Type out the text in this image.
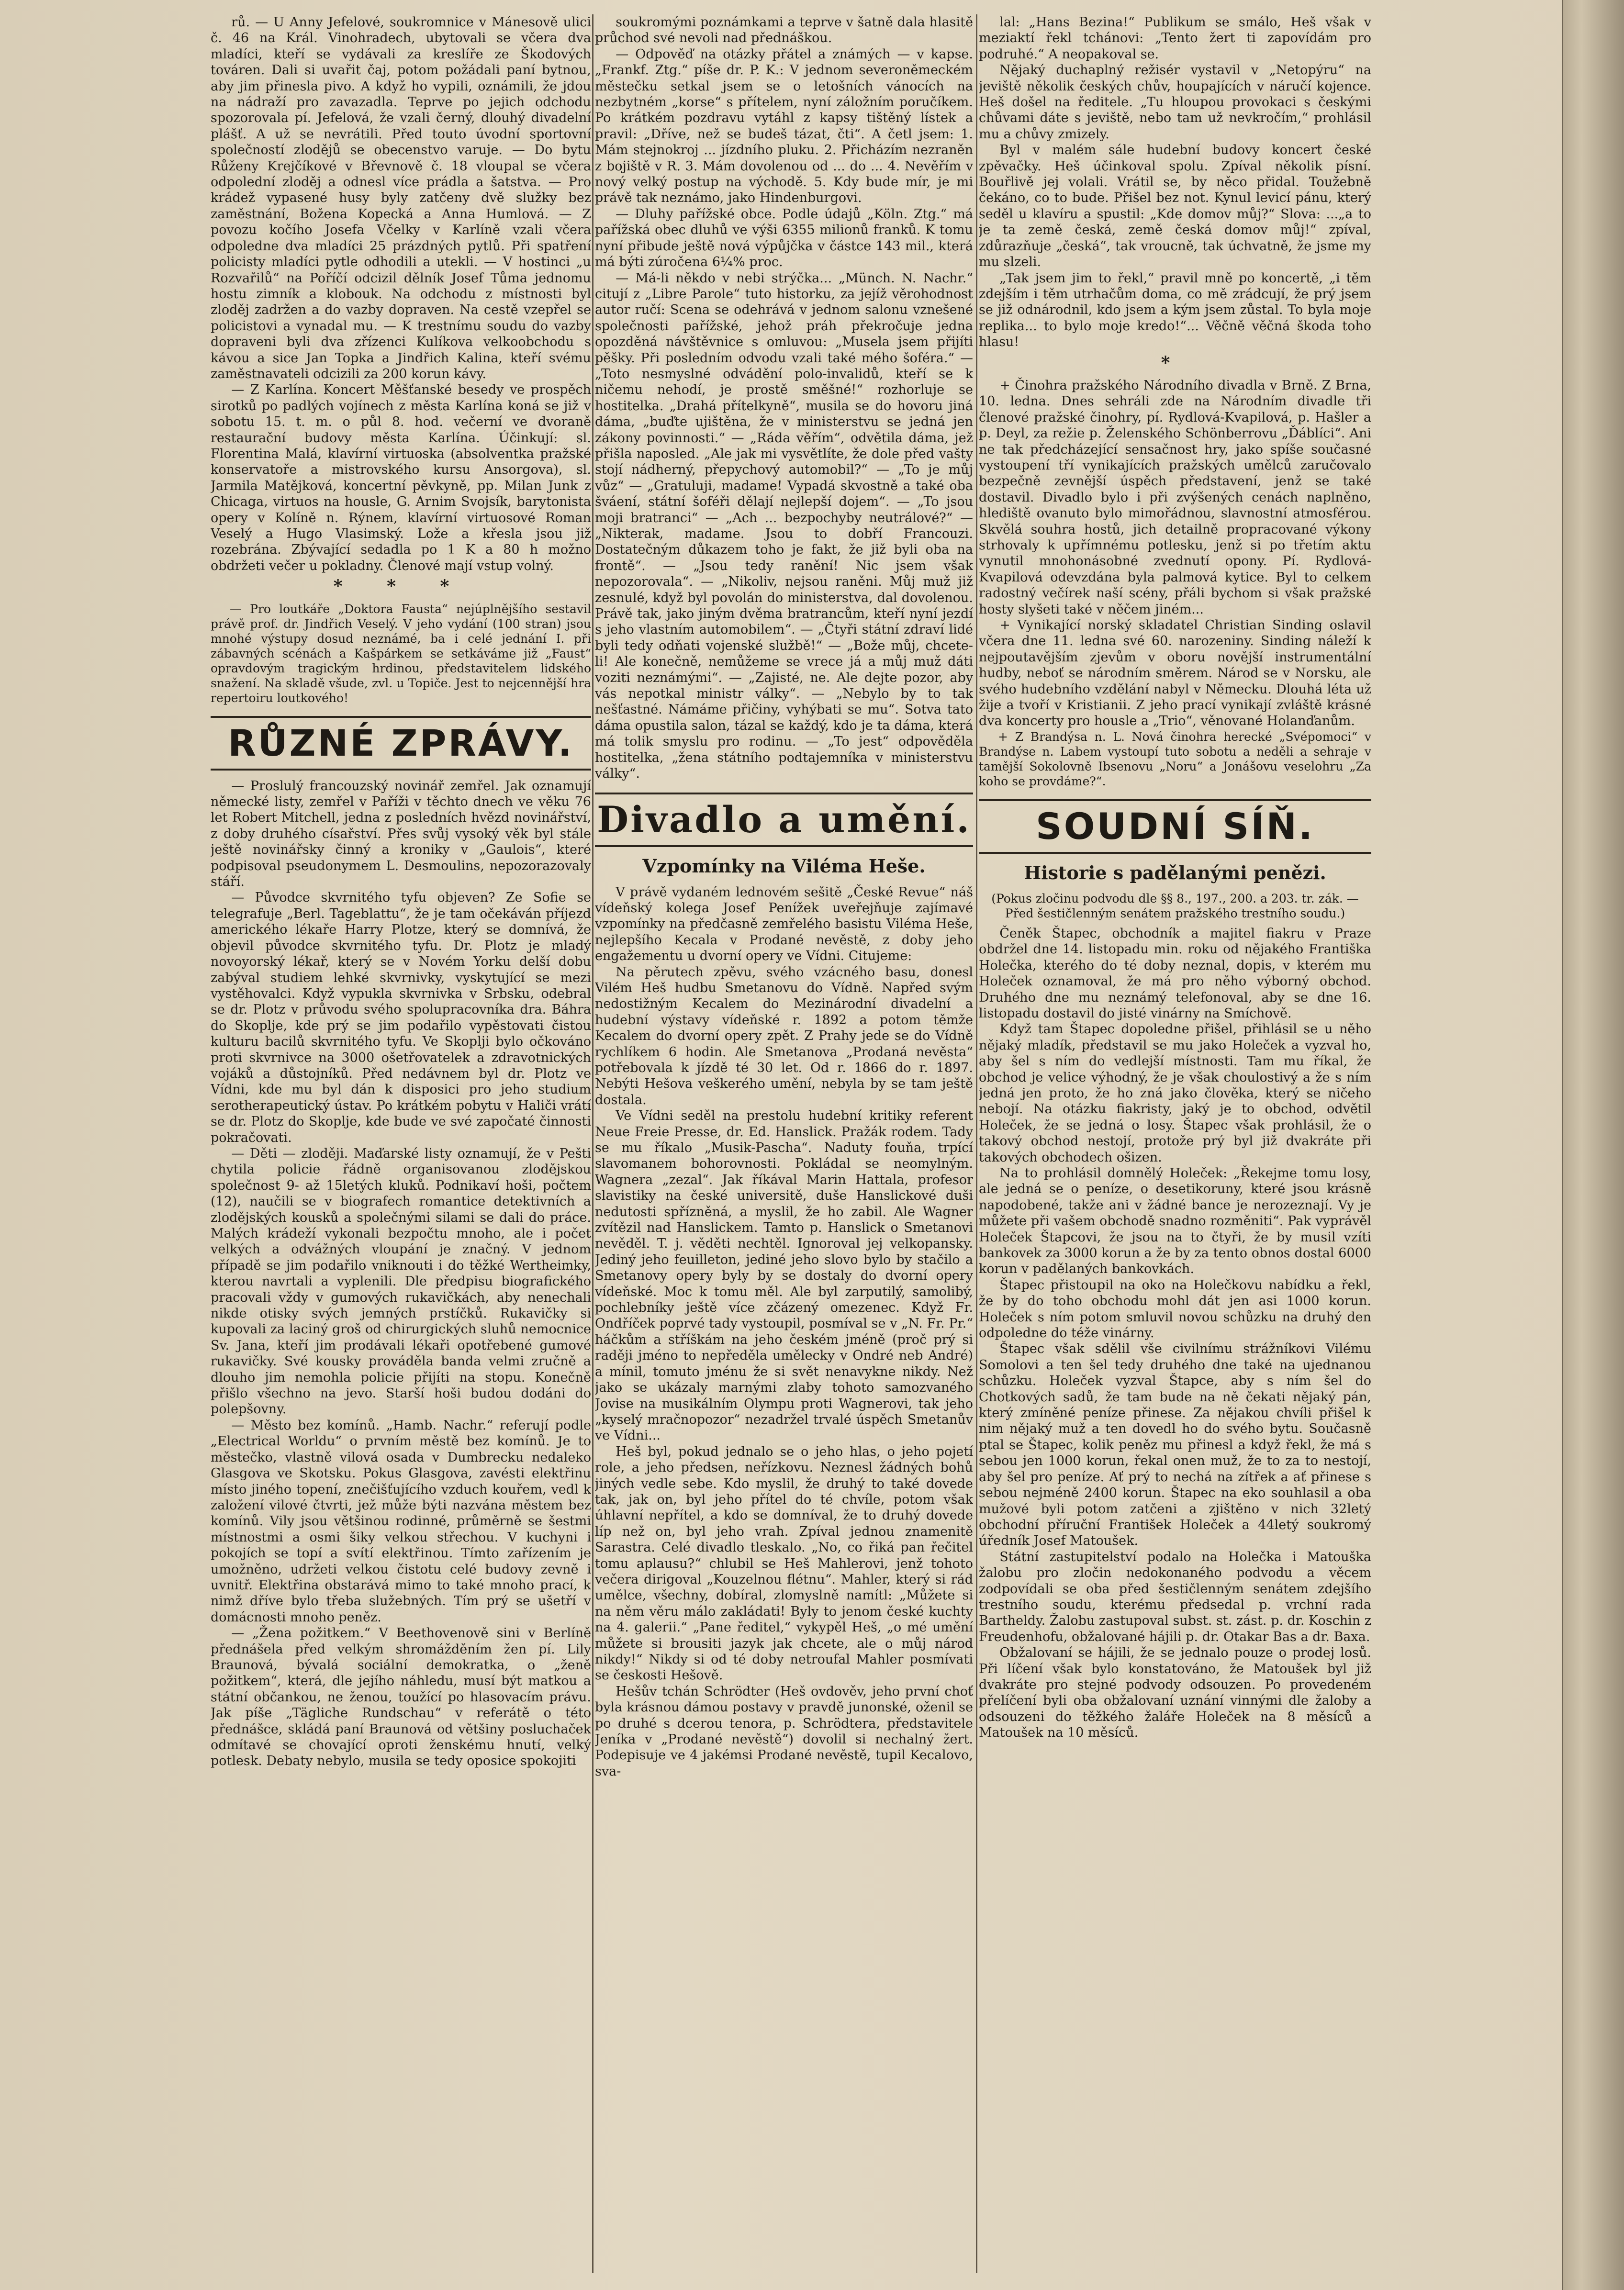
rů. — U Anny Jefelové, soukromnice v Mánesově ulici č. 46 na Král. Vinohradech, ubytovali se včera dva mladíci, kteří se vydávali za kreslíře ze Škodových továren. Dali si uvařit čaj, potom požádali paní bytnou, aby jim přinesla pivo. A když ho vypili, oznámili, že jdou na nádraží pro zavazadla. Teprve po jejich odchodu spozorovala pí. Jefelová, že vzali černý, dlouhý divadelní plášť. A už se nevrátili. Před touto úvodní sportovní společností zlodějů se obecenstvo varuje. — Do bytu Růženy Krejčíkové v Břevnově č. 18 vloupal se včera odpolední zloděj a odnesl více prádla a šatstva. — Pro krádež vypasené husy byly zatčeny dvě služky bez zaměstnání, Božena Kopecká a Anna Humlová. — Z povozu kočího Josefa Včelky v Karlíně vzali včera odpoledne dva mladíci 25 prázdných pytlů. Při spatření policisty mladíci pytle odhodili a utekli. — V hostinci „u Rozvařilů“ na Poříčí odcizil dělník Josef Tůma jednomu hostu zimník a klobouk. Na odchodu z místnosti byl zloděj zadržen a do vazby dopraven. Na cestě vzepřel se policistovi a vynadal mu. — K trestnímu soudu do vazby dopraveni byli dva zřízenci Kulíkova velkoobchodu s kávou a sice Jan Topka a Jindřich Kalina, kteří svému zaměstnavateli odcizili za 200 korun kávy.

— Z Karlína. Koncert Měšťanské besedy ve prospěch sirotků po padlých vojínech z města Karlína koná se již v sobotu 15. t. m. o půl 8. hod. večerní ve dvoraně restaurační budovy města Karlína. Účinkují: sl. Florentina Malá, klavírní virtuoska (absolventka pražské konservatoře a mistrovského kursu Ansorgova), sl. Jarmila Matějková, koncertní pěvkyně, pp. Milan Junk z Chicaga, virtuos na housle, G. Arnim Svojsík, barytonista opery v Kolíně n. Rýnem, klavírní virtuosové Roman Veselý a Hugo Vlasimský. Lože a křesla jsou již rozebrána. Zbývající sedadla po 1 K a 80 h možno obdržeti večer u pokladny. Členové mají vstup volný.

* * *

— Pro loutkáře „Doktora Fausta“ nejúplnějšího sestavil právě prof. dr. Jindřich Veselý. V jeho vydání (100 stran) jsou mnohé výstupy dosud neznámé, ba i celé jednání I. při zábavných scénách a Kašpárkem se setkáváme již „Faust“ opravdovým tragickým hrdinou, představitelem lidského snažení. Na skladě všude, zvl. u Topiče. Jest to nejcennější hra repertoiru loutkového!

RŮZNÉ ZPRÁVY.

— Proslulý francouzský novinář zemřel. Jak oznamují německé listy, zemřel v Paříži v těchto dnech ve věku 76 let Robert Mitchell, jedna z posledních hvězd novinářství, z doby druhého císařství. Přes svůj vysoký věk byl stále ještě novinářsky činný a kroniky v „Gaulois“, které podpisoval pseudonymem L. Desmoulins, nepozorazovaly stáří.

— Původce skvrnitého tyfu objeven? Ze Sofie se telegrafuje „Berl. Tageblattu“, že je tam očekáván příjezd amerického lékaře Harry Plotze, který se domnívá, že objevil původce skvrnitého tyfu. Dr. Plotz je mladý novoyorský lékař, který se v Novém Yorku delší dobu zabýval studiem lehké skvrnivky, vyskytující se mezi vystěhovalci. Když vypukla skvrnivka v Srbsku, odebral se dr. Plotz v průvodu svého spolupracovníka dra. Báhra do Skoplje, kde prý se jim podařilo vypěstovati čistou kulturu bacilů skvrnitého tyfu. Ve Skoplji bylo očkováno proti skvrnivce na 3000 ošetřovatelek a zdravotnických vojáků a důstojníků. Před nedávnem byl dr. Plotz ve Vídni, kde mu byl dán k disposici pro jeho studium serotherapeutický ústav. Po krátkém pobytu v Haliči vrátí se dr. Plotz do Skoplje, kde bude ve své započaté činnosti pokračovati.

— Děti — zloději. Maďarské listy oznamují, že v Pešti chytila policie řádně organisovanou zlodějskou společnost 9- až 15letých kluků. Podnikaví hoši, počtem (12), naučili se v biografech romantice detektivních a zlodějských kousků a společnými silami se dali do práce. Malých krádeží vykonali bezpočtu mnoho, ale i počet velkých a odvážných vloupání je značný. V jednom případě se jim podařilo vniknouti i do těžké Wertheimky, kterou navrtali a vyplenili. Dle předpisu biografického pracovali vždy v gumových rukavičkách, aby nenechali nikde otisky svých jemných prstíčků. Rukavičky si kupovali za laciný groš od chirurgických sluhů nemocnice Sv. Jana, kteří jim prodávali lékaři opotřebené gumové rukavičky. Své kousky prováděla banda velmi zručně a dlouho jim nemohla policie přijíti na stopu. Konečně přišlo všechno na jevo. Starší hoši budou dodáni do polepšovny.

— Město bez komínů. „Hamb. Nachr.“ referují podle „Electrical Worldu“ o prvním městě bez komínů. Je to městečko, vlastně vilová osada v Dumbrecku nedaleko Glasgova ve Skotsku. Pokus Glasgova, zavésti elektřinu místo jiného topení, znečišťujícího vzduch kouřem, vedl k založení vilové čtvrti, jež může býti nazvána městem bez komínů. Vily jsou většinou rodinné, průměrně se šestmi místnostmi a osmi šiky velkou střechou. V kuchyni i pokojích se topí a svítí elektřinou. Tímto zařízením je umožněno, udržeti velkou čistotu celé budovy zevně i uvnitř. Elektřina obstarává mimo to také mnoho prací, k nimž dříve bylo třeba služebných. Tím prý se ušetří v domácnosti mnoho peněz.

— „Žena požitkem.“ V Beethovenově sini v Berlíně přednášela před velkým shromážděním žen pí. Lily Braunová, bývalá sociální demokratka, o „ženě požitkem“, která, dle jejího náhledu, musí být matkou a státní občankou, ne ženou, toužící po hlasovacím právu. Jak píše „Tägliche Rundschau“ v referátě o této přednášce, skládá paní Braunová od většiny posluchaček odmítavé se chovající oproti ženskému hnutí, velký potlesk. Debaty nebylo, musila se tedy oposice spokojiti

soukromými poznámkami a teprve v šatně dala hlasitě průchod své nevoli nad přednáškou.

— Odpověď na otázky přátel a známých — v kapse. „Frankf. Ztg.“ píše dr. P. K.: V jednom severoněmeckém městečku setkal jsem se o letošních vánocích na nezbytném „korse“ s přítelem, nyní záložním poručíkem. Po krátkém pozdravu vytáhl z kapsy tištěný lístek a pravil: „Dříve, než se budeš tázat, čti“. A četl jsem: 1. Mám stejnokroj ... jízdního pluku. 2. Přicházím nezraněn z bojiště v R. 3. Mám dovolenou od ... do ... 4. Nevěřím v nový velký postup na východě. 5. Kdy bude mír, je mi právě tak neznámo, jako Hindenburgovi.

— Dluhy pařížské obce. Podle údajů „Köln. Ztg.“ má pařížská obec dluhů ve výši 6355 milionů franků. K tomu nyní přibude ještě nová výpůjčka v částce 143 mil., která má býti zúročena 6¼% proc.

— Má-li někdo v nebi strýčka... „Münch. N. Nachr.“ citují z „Libre Parole“ tuto historku, za jejíž věrohodnost autor ručí: Scena se odehrává v jednom salonu vznešené společnosti pařížské, jehož práh překročuje jedna opozděná návštěvnice s omluvou: „Musela jsem přijíti pěšky. Při posledním odvodu vzali také mého šoféra.“ — „Toto nesmyslné odvádění polo-invalidů, kteří se k ničemu nehodí, je prostě směšné!“ rozhorluje se hostitelka. „Drahá přítelkyně“, musila se do hovoru jiná dáma, „buďte ujištěna, že v ministerstvu se jedná jen zákony povinnosti.“ — „Ráda věřím“, odvětila dáma, jež přišla naposled. „Ale jak mi vysvětlíte, že dole před vašty stojí nádherný, přepychový automobil?“ — „To je můj vůz“ — „Gratuluji, madame! Vypadá skvostně a také oba šváení, státní šoféři dělají nejlepší dojem“. — „To jsou moji bratranci“ — „Ach ... bezpochyby neutrálové?“ — „Nikterak, madame. Jsou to dobří Francouzi. Dostatečným důkazem toho je fakt, že již byli oba na frontě“. — „Jsou tedy ranění! Nic jsem však nepozorovala“. — „Nikoliv, nejsou raněni. Můj muž již zesnulé, když byl povolán do ministerstva, dal dovolenou. Právě tak, jako jiným dvěma bratrancům, kteří nyní jezdí s jeho vlastním automobilem“. — „Čtyři státní zdraví lidé byli tedy odňati vojenské službě!“ — „Bože můj, chcete-li! Ale konečně, nemůžeme se vrece já a můj muž dáti voziti neznámými“. — „Zajisté, ne. Ale dejte pozor, aby vás nepotkal ministr války“. — „Nebylo by to tak nešťastné. Námáme přičiny, vyhýbati se mu“. Sotva tato dáma opustila salon, tázal se každý, kdo je ta dáma, která má tolik smyslu pro rodinu. — „To jest“ odpověděla hostitelka, „žena státního podtajemníka v ministerstvu války“.

Divadlo a umění.
Vzpomínky na Viléma Heše.

V právě vydaném lednovém sešitě „České Revue“ náš vídeňský kolega Josef Penížek uveřejňuje zajímavé vzpomínky na předčasně zemřelého basistu Viléma Heše, nejlepšího Kecala v Prodané nevěstě, z doby jeho engažementu u dvorní opery ve Vídni. Citujeme:

Na pěrutech zpěvu, svého vzácného basu, donesl Vilém Heš hudbu Smetanovu do Vídně. Napřed svým nedostižným Kecalem do Mezinárodní divadelní a hudební výstavy vídeňské r. 1892 a potom těmže Kecalem do dvorní opery zpět. Z Prahy jede se do Vídně rychlíkem 6 hodin. Ale Smetanova „Prodaná nevěsta“ potřebovala k jízdě té 30 let. Od r. 1866 do r. 1897. Nebýti Hešova veškerého umění, nebyla by se tam ještě dostala.

Ve Vídni seděl na prestolu hudební kritiky referent Neue Freie Presse, dr. Ed. Hanslick. Pražák rodem. Tady se mu říkalo „Musik-Pascha“. Naduty fouňa, trpící slavomanem bohorovnosti. Pokládal se neomylným. Wagnera „zezal“. Jak říkával Marin Hattala, profesor slavistiky na české universitě, duše Hanslickové duši nedutosti spřízněná, a myslil, že ho zabil. Ale Wagner zvítězil nad Hanslickem. Tamto p. Hanslick o Smetanovi nevěděl. T. j. věděti nechtěl. Ignoroval jej velkopansky. Jediný jeho feuilleton, jediné jeho slovo bylo by stačilo a Smetanovy opery byly by se dostaly do dvorní opery vídeňské. Moc k tomu měl. Ale byl zarputilý, samolibý, pochlebníky ještě více zčázený omezenec. Když Fr. Ondříček poprvé tady vystoupil, posmíval se v „N. Fr. Pr.“ háčkům a stříškám na jeho českém jméně (proč prý si raději jméno to nepředěla umělecky v Ondré neb André) a mínil, tomuto jménu že si svět nenavykne nikdy. Než jako se ukázaly marnými zlaby tohoto samozvaného Jovise na musikálním Olympu proti Wagnerovi, tak jeho „kyselý mračnopozor“ nezadržel trvalé úspěch Smetanův ve Vídni...

Heš byl, pokud jednalo se o jeho hlas, o jeho pojetí role, a jeho předsen, neřízkovu. Neznesl žádných bohů jiných vedle sebe. Kdo myslil, že druhý to také dovede tak, jak on, byl jeho přítel do té chvíle, potom však úhlavní nepřítel, a kdo se domníval, že to druhý dovede líp než on, byl jeho vrah. Zpíval jednou znamenitě Sarastra. Celé divadlo tleskalo. „No, co řiká pan řečitel tomu aplausu?“ chlubil se Heš Mahlerovi, jenž tohoto večera dirigoval „Kouzelnou flétnu“. Mahler, který si rád umělce, všechny, dobíral, zlomyslně namítl: „Můžete si na něm věru málo zakládati! Byly to jenom české kuchty na 4. galerii.“ „Pane ředitel,“ vykypěl Heš, „o mé umění můžete si brousiti jazyk jak chcete, ale o můj národ nikdy!“ Nikdy si od té doby netroufal Mahler posmívati se českosti Hešově.

Hešův tchán Schrödter (Heš ovdověv, jeho první choť byla krásnou dámou postavy v pravdě junonské, oženil se po druhé s dcerou tenora, p. Schrödtera, představitele Jeníka v „Prodané nevěstě“) dovolil si nechalný žert. Podepisuje ve 4 jakémsi Prodané nevěstě, tupil Kecalovo, sva-

lal: „Hans Bezina!“ Publikum se smálo, Heš však v meziaktí řekl tchánovi: „Tento žert ti zapovídám pro podruhé.“ A neopakoval se.

Nějaký duchaplný režisér vystavil v „Netopýru“ na jeviště několik českých chův, houpajících v náručí kojence. Heš došel na ředitele. „Tu hloupou provokaci s českými chůvami dáte s jeviště, nebo tam už nevkročím,“ prohlásil mu a chůvy zmizely.

Byl v malém sále hudební budovy koncert české zpěvačky. Heš účinkoval spolu. Zpíval několik písní. Bouřlivě jej volali. Vrátil se, by něco přidal. Toužebně čekáno, co to bude. Přišel bez not. Kynul levicí pánu, který seděl u klavíru a spustil: „Kde domov můj?“ Slova: ...„a to je ta země česká, země česká domov můj!“ zpíval, zdůrazňuje „česká“, tak vroucně, tak úchvatně, že jsme my mu slzeli.

„Tak jsem jim to řekl,“ pravil mně po koncertě, „i těm zdejším i těm utrhačům doma, co mě zrádcují, že prý jsem se již odnárodnil, kdo jsem a kým jsem zůstal. To byla moje replika... to bylo moje kredo!“... Věčně věčná škoda toho hlasu!

*

+ Činohra pražského Národního divadla v Brně. Z Brna, 10. ledna. Dnes sehráli zde na Národním divadle tři členové pražské činohry, pí. Rydlová-Kvapilová, p. Hašler a p. Deyl, za režie p. Želenského Schönberrovu „Ďáblíci“. Ani ne tak předcházející sensačnost hry, jako spíše současné vystoupení tří vynikajících pražských umělců zaručovalo bezpečně zevnější úspěch představení, jenž se také dostavil. Divadlo bylo i při zvýšených cenách naplněno, hlediště ovanuto bylo mimořádnou, slavnostní atmosférou. Skvělá souhra hostů, jich detailně propracované výkony strhovaly k upřímnému potlesku, jenž si po třetím aktu vynutil mnohonásobné zvednutí opony. Pí. Rydlová-Kvapilová odevzdána byla palmová kytice. Byl to celkem radostný večírek naší scény, přáli bychom si však pražské hosty slyšeti také v něčem jiném...

+ Vynikající norský skladatel Christian Sinding oslavil včera dne 11. ledna své 60. narozeniny. Sinding náleží k nejpoutavějším zjevům v oboru novější instrumentální hudby, neboť se národním směrem. Národ se v Norsku, ale svého hudebního vzdělání nabyl v Německu. Dlouhá léta už žije a tvoří v Kristianii. Z jeho prací vynikají zvláště krásné dva koncerty pro housle a „Trio“, věnované Holanďanům.

+ Z Brandýsa n. L. Nová činohra herecké „Svépomoci“ v Brandýse n. Labem vystoupí tuto sobotu a neděli a sehraje v tamější Sokolovně Ibsenovu „Noru“ a Jonášovu veselohru „Za koho se provdáme?“.

SOUDNÍ SÍŇ.
Historie s padělanými penězi.
(Pokus zločinu podvodu dle §§ 8., 197., 200. a 203. tr. zák. — Před šestičlenným senátem pražského trestního soudu.)

Čeněk Štapec, obchodník a majitel fiakru v Praze obdržel dne 14. listopadu min. roku od nějakého Františka Holečka, kterého do té doby neznal, dopis, v kterém mu Holeček oznamoval, že má pro něho výborný obchod. Druhého dne mu neznámý telefonoval, aby se dne 16. listopadu dostavil do jisté vinárny na Smíchově.

Když tam Štapec dopoledne přišel, přihlásil se u něho nějaký mladík, představil se mu jako Holeček a vyzval ho, aby šel s ním do vedlejší místnosti. Tam mu říkal, že obchod je velice výhodný, že je však choulostivý a že s ním jedná jen proto, že ho zná jako člověka, který se ničeho nebojí. Na otázku fiakristy, jaký je to obchod, odvětil Holeček, že se jedná o losy. Štapec však prohlásil, že o takový obchod nestojí, protože prý byl již dvakráte při takových obchodech ošizen.

Na to prohlásil domnělý Holeček: „Řekejme tomu losy, ale jedná se o peníze, o desetikoruny, které jsou krásně napodobené, takže ani v žádné bance je nerozeznají. Vy je můžete při vašem obchodě snadno rozměniti“. Pak vyprávěl Holeček Štapcovi, že jsou na to čtyři, že by musil vzíti bankovek za 3000 korun a že by za tento obnos dostal 6000 korun v padělaných bankovkách.

Štapec přistoupil na oko na Holečkovu nabídku a řekl, že by do toho obchodu mohl dát jen asi 1000 korun. Holeček s ním potom smluvil novou schůzku na druhý den odpoledne do téže vinárny.

Štapec však sdělil vše civilnímu strážníkovi Vilému Somolovi a ten šel tedy druhého dne také na ujednanou schůzku. Holeček vyzval Štapce, aby s ním šel do Chotkových sadů, že tam bude na ně čekati nějaký pán, který zmíněné peníze přinese. Za nějakou chvíli přišel k nim nějaký muž a ten dovedl ho do svého bytu. Současně ptal se Štapec, kolik peněz mu přinesl a když řekl, že má s sebou jen 1000 korun, řekal onen muž, že to za to nestojí, aby šel pro peníze. Ať prý to nechá na zítřek a ať přinese s sebou nejméně 2400 korun. Štapec na eko souhlasil a oba mužové byli potom zatčeni a zjištěno v nich 32letý obchodní příruční František Holeček a 44letý soukromý úředník Josef Matoušek.

Státní zastupitelství podalo na Holečka i Matouška žalobu pro zločin nedokonaného podvodu a věcem zodpovídali se oba před šestičlenným senátem zdejšího trestního soudu, kterému předsedal p. vrchní rada Bartheldy. Žalobu zastupoval subst. st. zást. p. dr. Koschin z Freudenhofu, obžalované hájili p. dr. Otakar Bas a dr. Baxa.

Obžalovaní se hájili, že se jednalo pouze o prodej losů. Při líčení však bylo konstatováno, že Matoušek byl již dvakráte pro stejné podvody odsouzen. Po provedeném přelíčení byli oba obžalovaní uznání vinnými dle žaloby a odsouzeni do těžkého žaláře Holeček na 8 měsíců a Matoušek na 10 měsíců.
